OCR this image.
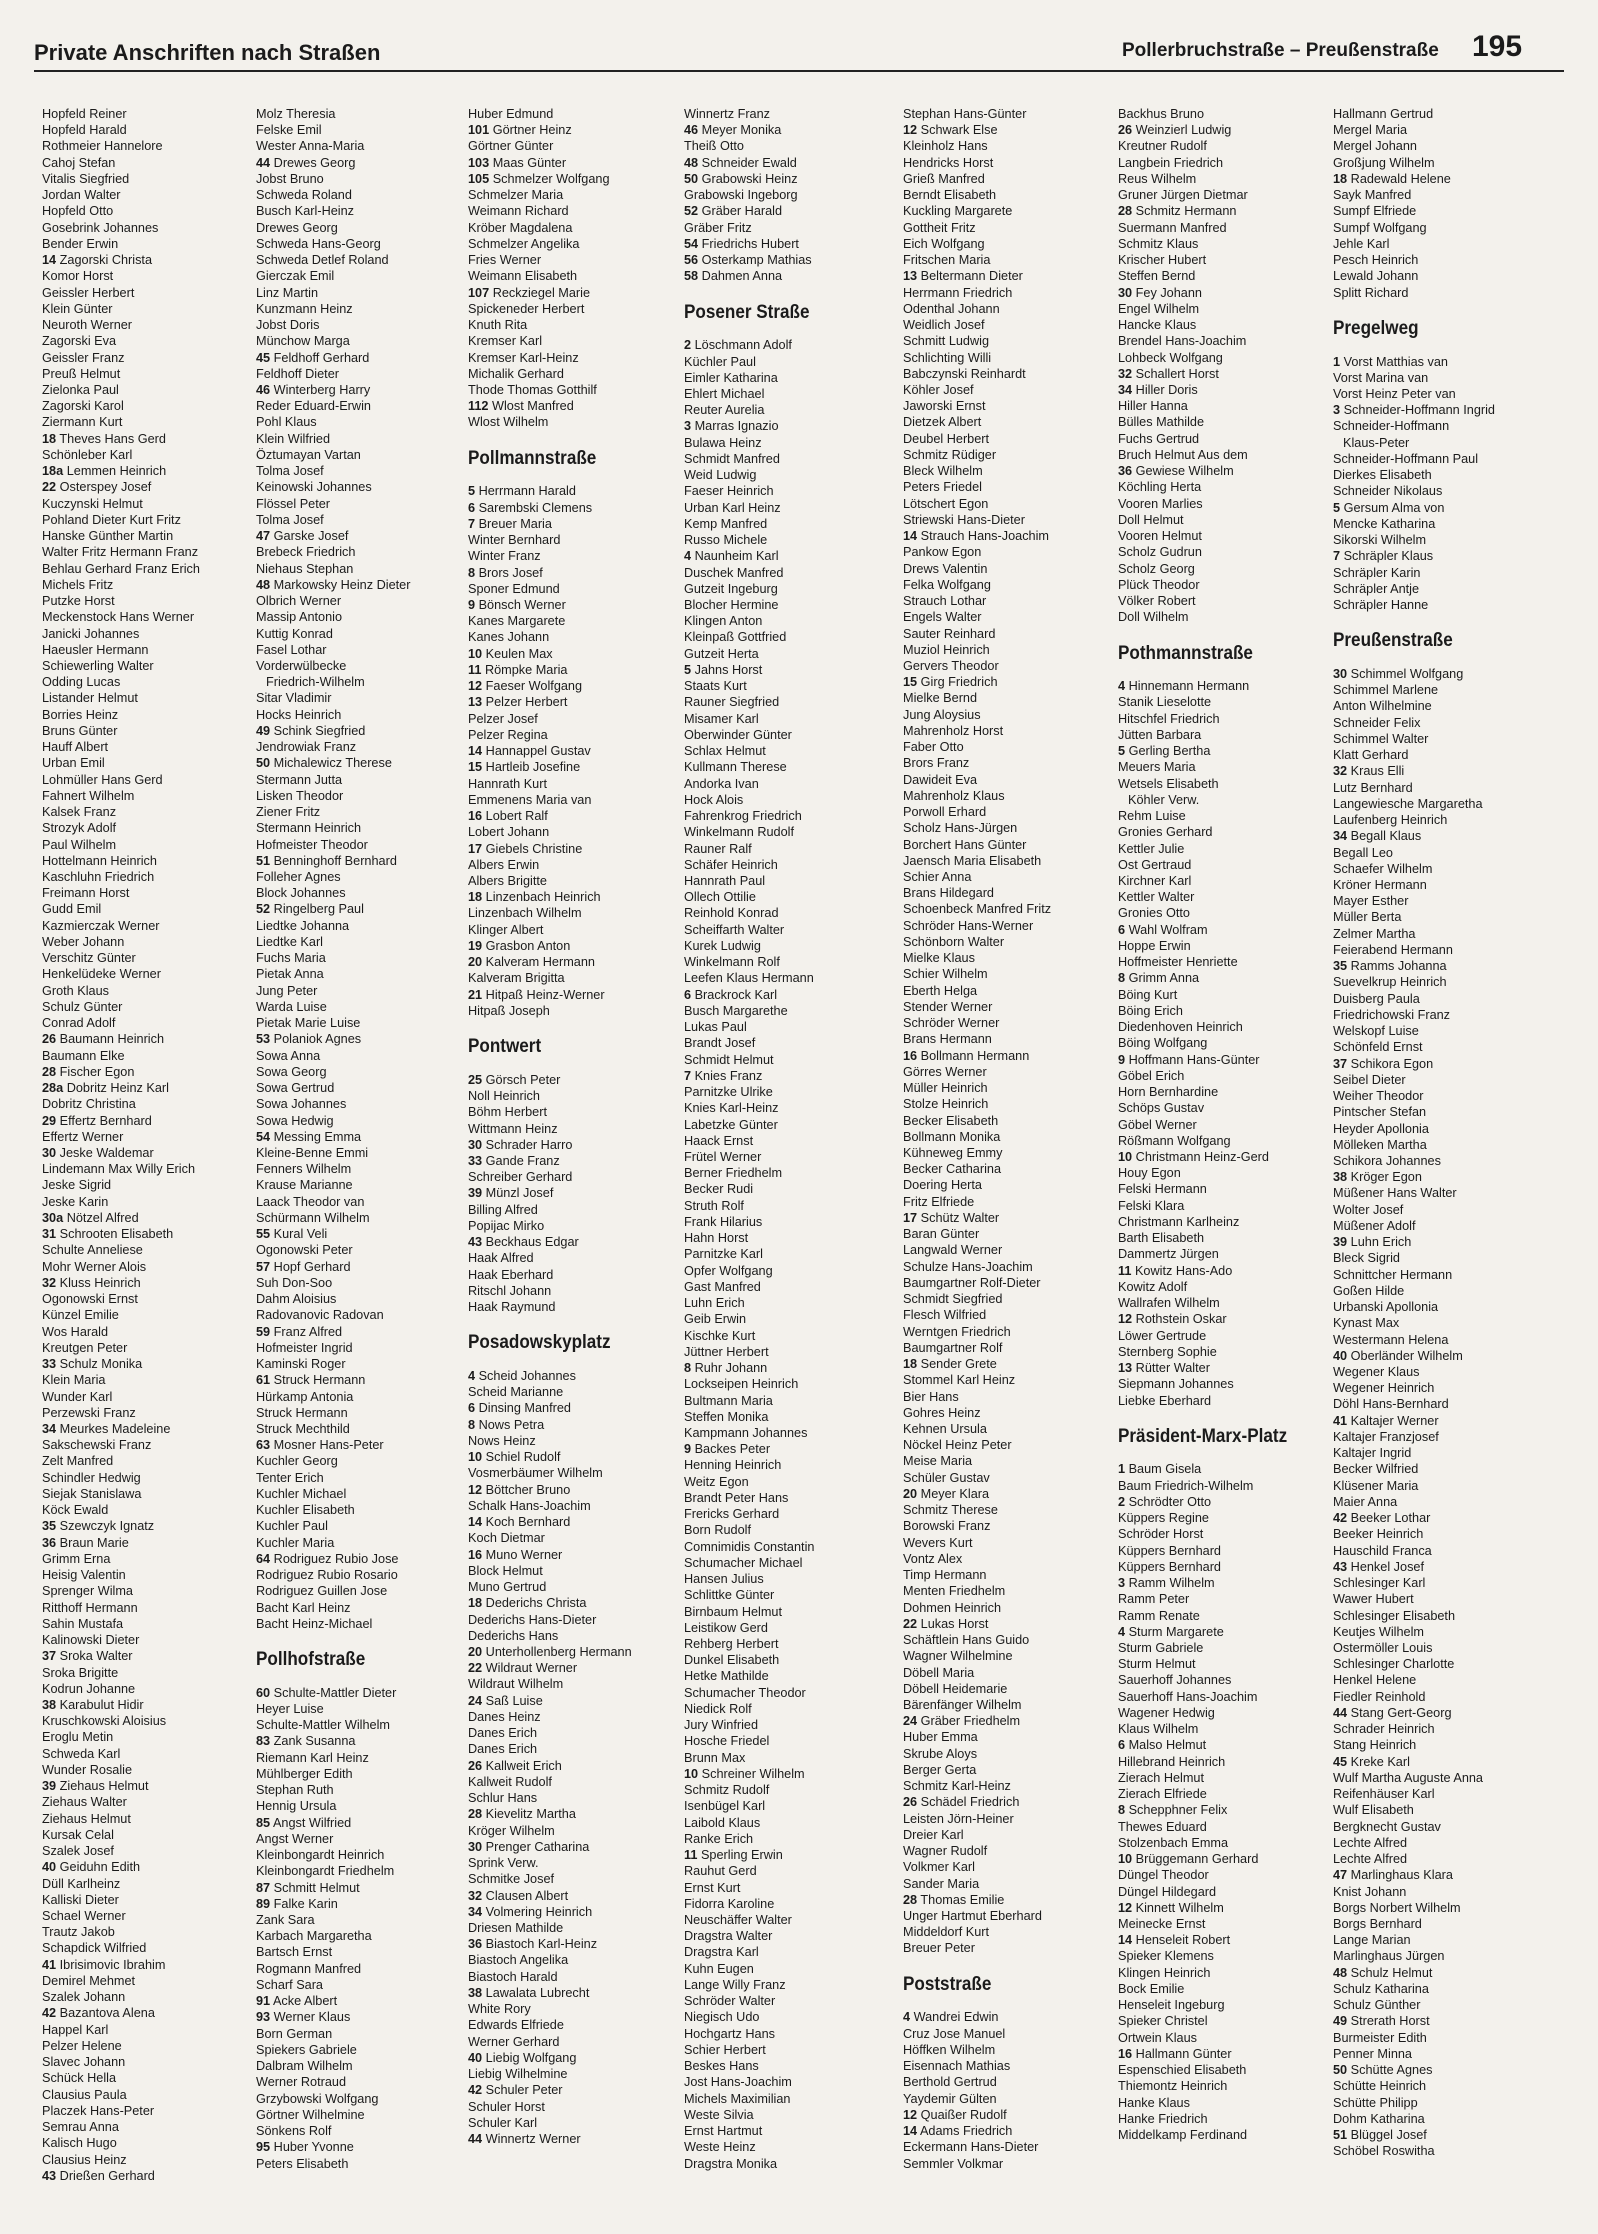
Private Anschriften nach Straßen	Pollerbruchstraße – Preußenstraße 195
Hopfeld Reiner
Hopfeld Harald
Rothmeier Hannelore
Cahoj Stefan
Vitalis Siegfried
Jordan Walter
Hopfeld Otto
Gosebrink Johannes
Bender Erwin
14 Zagorski Christa
Komor Horst
Geissler Herbert
Klein Günter
Neuroth Werner
Zagorski Eva
Geissler Franz
Preuß Helmut
Zielonka Paul
Zagorski Karol
Ziermann Kurt
18 Theves Hans Gerd
Schönleber Karl
18a Lemmen Heinrich
22 Osterspey Josef
Kuczynski Helmut
Pohland Dieter Kurt Fritz
Hanske Günther Martin
Walter Fritz Hermann Franz
Behlau Gerhard Franz Erich
Michels Fritz
Putzke Horst
Meckenstock Hans Werner
Janicki Johannes
Haeusler Hermann
Schiewerling Walter
Odding Lucas
Listander Helmut
Borries Heinz
Bruns Günter
Hauff Albert
Urban Emil
Lohmüller Hans Gerd
Fahnert Wilhelm
Kalsek Franz
Strozyk Adolf
Paul Wilhelm
Hottelmann Heinrich
Kaschluhn Friedrich
Freimann Horst
Gudd Emil
Kazmierczak Werner
Weber Johann
Verschitz Günter
Henkelüdeke Werner
Groth Klaus
Schulz Günter
Conrad Adolf
26 Baumann Heinrich
Baumann Elke
28 Fischer Egon
28a Dobritz Heinz Karl
Dobritz Christina
29 Effertz Bernhard
Effertz Werner
30 Jeske Waldemar
Lindemann Max Willy Erich
Jeske Sigrid
Jeske Karin
30a Nötzel Alfred
31 Schrooten Elisabeth
Schulte Anneliese
Mohr Werner Alois
32 Kluss Heinrich
Ogonowski Ernst
Künzel Emilie
Wos Harald
Kreutgen Peter
33 Schulz Monika
Klein Maria
Wunder Karl
Perzewski Franz
34 Meurkes Madeleine
Sakschewski Franz
Zelt Manfred
Schindler Hedwig
Siejak Stanislawa
Köck Ewald
35 Szewczyk Ignatz
36 Braun Marie
Grimm Erna
Heisig Valentin
Sprenger Wilma
Ritthoff Hermann
Sahin Mustafa
Kalinowski Dieter
37 Sroka Walter
Sroka Brigitte
Kodrun Johanne
38 Karabulut Hidir
Kruschkowski Aloisius
Eroglu Metin
Schweda Karl
Wunder Rosalie
39 Ziehaus Helmut
Ziehaus Walter
Ziehaus Helmut
Kursak Celal
Szalek Josef
40 Geiduhn Edith
Düll Karlheinz
Kalliski Dieter
Schael Werner
Trautz Jakob
Schapdick Wilfried
41 Ibrisimovic Ibrahim
Demirel Mehmet
Szalek Johann
42 Bazantova Alena
Happel Karl
Pelzer Helene
Slavec Johann
Schück Hella
Clausius Paula
Placzek Hans-Peter
Semrau Anna
Kalisch Hugo
Clausius Heinz
43 Drießen Gerhard
Molz Theresia
Felske Emil
Wester Anna-Maria
44 Drewes Georg
Jobst Bruno
Schweda Roland
Busch Karl-Heinz
Drewes Georg
Schweda Hans-Georg
Schweda Detlef Roland
Gierczak Emil
Linz Martin
Kunzmann Heinz
Jobst Doris
Münchow Marga
45 Feldhoff Gerhard
Feldhoff Dieter
46 Winterberg Harry
Reder Eduard-Erwin
Pohl Klaus
Klein Wilfried
Öztumayan Vartan
Tolma Josef
Keinowski Johannes
Flössel Peter
Tolma Josef
47 Garske Josef
Brebeck Friedrich
Niehaus Stephan
48 Markowsky Heinz Dieter
Olbrich Werner
Massip Antonio
Kuttig Konrad
Fasel Lothar
Vorderwülbecke
Friedrich-Wilhelm
Sitar Vladimir
Hocks Heinrich
49 Schink Siegfried
Jendrowiak Franz
50 Michalewicz Therese
Stermann Jutta
Lisken Theodor
Ziener Fritz
Stermann Heinrich
Hofmeister Theodor
51 Benninghoff Bernhard
Folleher Agnes
Block Johannes
52 Ringelberg Paul
Liedtke Johanna
Liedtke Karl
Fuchs Maria
Pietak Anna
Jung Peter
Warda Luise
Pietak Marie Luise
53 Polaniok Agnes
Sowa Anna
Sowa Georg
Sowa Gertrud
Sowa Johannes
Sowa Hedwig
54 Messing Emma
Kleine-Benne Emmi
Fenners Wilhelm
Krause Marianne
Laack Theodor van
Schürmann Wilhelm
55 Kural Veli
Ogonowski Peter
57 Hopf Gerhard
Suh Don-Soo
Dahm Aloisius
Radovanovic Radovan
59 Franz Alfred
Hofmeister Ingrid
Kaminski Roger
61 Struck Hermann
Hürkamp Antonia
Struck Hermann
Struck Mechthild
63 Mosner Hans-Peter
Kuchler Georg
Tenter Erich
Kuchler Michael
Kuchler Elisabeth
Kuchler Paul
Kuchler Maria
64 Rodriguez Rubio Jose
Rodriguez Rubio Rosario
Rodriguez Guillen Jose
Bacht Karl Heinz
Bacht Heinz-Michael
Pollhofstraße
60 Schulte-Mattler Dieter
Heyer Luise
Schulte-Mattler Wilhelm
83 Zank Susanna
Riemann Karl Heinz
Mühlberger Edith
Stephan Ruth
Hennig Ursula
85 Angst Wilfried
Angst Werner
Kleinbongardt Heinrich
Kleinbongardt Friedhelm
87 Schmitt Helmut
89 Falke Karin
Zank Sara
Karbach Margaretha
Bartsch Ernst
Rogmann Manfred
Scharf Sara
91 Acke Albert
93 Werner Klaus
Born German
Spiekers Gabriele
Dalbram Wilhelm
Werner Rotraud
Grzybowski Wolfgang
Görtner Wilhelmine
Sönkens Rolf
95 Huber Yvonne
Peters Elisabeth
Huber Edmund
101 Görtner Heinz
Görtner Günter
103 Maas Günter
105 Schmelzer Wolfgang
Schmelzer Maria
Weimann Richard
Kröber Magdalena
Schmelzer Angelika
Fries Werner
Weimann Elisabeth
107 Reckziegel Marie
Spickeneder Herbert
Knuth Rita
Kremser Karl
Kremser Karl-Heinz
Michalik Gerhard
Thode Thomas Gotthilf
112 Wlost Manfred
Wlost Wilhelm
Pollmannstraße
5 Herrmann Harald
6 Sarembski Clemens
7 Breuer Maria
Winter Bernhard
Winter Franz
8 Brors Josef
Sponer Edmund
9 Bönsch Werner
Kanes Margarete
Kanes Johann
10 Keulen Max
11 Römpke Maria
12 Faeser Wolfgang
13 Pelzer Herbert
Pelzer Josef
Pelzer Regina
14 Hannappel Gustav
15 Hartleib Josefine
Hannrath Kurt
Emmenens Maria van
16 Lobert Ralf
Lobert Johann
17 Giebels Christine
Albers Erwin
Albers Brigitte
18 Linzenbach Heinrich
Linzenbach Wilhelm
Klinger Albert
19 Grasbon Anton
20 Kalveram Hermann
Kalveram Brigitta
21 Hitpaß Heinz-Werner
Hitpaß Joseph
Pontwert
25 Görsch Peter
Noll Heinrich
Böhm Herbert
Wittmann Heinz
30 Schrader Harro
33 Gande Franz
Schreiber Gerhard
39 Münzl Josef
Billing Alfred
Popijac Mirko
43 Beckhaus Edgar
Haak Alfred
Haak Eberhard
Ritschl Johann
Haak Raymund
Posadowskyplatz
4 Scheid Johannes
Scheid Marianne
6 Dinsing Manfred
8 Nows Petra
Nows Heinz
10 Schiel Rudolf
Vosmerbäumer Wilhelm
12 Böttcher Bruno
Schalk Hans-Joachim
14 Koch Bernhard
Koch Dietmar
16 Muno Werner
Block Helmut
Muno Gertrud
18 Dederichs Christa
Dederichs Hans-Dieter
Dederichs Hans
20 Unterhollenberg Hermann
22 Wildraut Werner
Wildraut Wilhelm
24 Saß Luise
Danes Heinz
Danes Erich
Danes Erich
26 Kallweit Erich
Kallweit Rudolf
Schlur Hans
28 Kievelitz Martha
Kröger Wilhelm
30 Prenger Catharina
Sprink Verw.
Schmitke Josef
32 Clausen Albert
34 Volmering Heinrich
Driesen Mathilde
36 Biastoch Karl-Heinz
Biastoch Angelika
Biastoch Harald
38 Lawalata Lubrecht
White Rory
Edwards Elfriede
Werner Gerhard
40 Liebig Wolfgang
Liebig Wilhelmine
42 Schuler Peter
Schuler Horst
Schuler Karl
44 Winnertz Werner
Winnertz Franz
46 Meyer Monika
Theiß Otto
48 Schneider Ewald
50 Grabowski Heinz
Grabowski Ingeborg
52 Gräber Harald
Gräber Fritz
54 Friedrichs Hubert
56 Osterkamp Mathias
58 Dahmen Anna
Posener Straße
2 Löschmann Adolf
Küchler Paul
Eimler Katharina
Ehlert Michael
Reuter Aurelia
3 Marras Ignazio
Bulawa Heinz
Schmidt Manfred
Weid Ludwig
Faeser Heinrich
Urban Karl Heinz
Kemp Manfred
Russo Michele
4 Naunheim Karl
Duschek Manfred
Gutzeit Ingeburg
Blocher Hermine
Klingen Anton
Kleinpaß Gottfried
Gutzeit Herta
5 Jahns Horst
Staats Kurt
Rauner Siegfried
Misamer Karl
Oberwinder Günter
Schlax Helmut
Kullmann Therese
Andorka Ivan
Hock Alois
Fahrenkrog Friedrich
Winkelmann Rudolf
Rauner Ralf
Schäfer Heinrich
Hannrath Paul
Ollech Ottilie
Reinhold Konrad
Scheiffarth Walter
Kurek Ludwig
Winkelmann Rolf
Leefen Klaus Hermann
6 Brackrock Karl
Busch Margarethe
Lukas Paul
Brandt Josef
Schmidt Helmut
7 Knies Franz
Parnitzke Ulrike
Knies Karl-Heinz
Labetzke Günter
Haack Ernst
Frütel Werner
Berner Friedhelm
Becker Rudi
Struth Rolf
Frank Hilarius
Hahn Horst
Parnitzke Karl
Opfer Wolfgang
Gast Manfred
Luhn Erich
Geib Erwin
Kischke Kurt
Jüttner Herbert
8 Ruhr Johann
Lockseipen Heinrich
Bultmann Maria
Steffen Monika
Kampmann Johannes
9 Backes Peter
Henning Heinrich
Weitz Egon
Brandt Peter Hans
Frericks Gerhard
Born Rudolf
Comnimidis Constantin
Schumacher Michael
Hansen Julius
Schlittke Günter
Birnbaum Helmut
Leistikow Gerd
Rehberg Herbert
Dunkel Elisabeth
Hetke Mathilde
Schumacher Theodor
Niedick Rolf
Jury Winfried
Hosche Friedel
Brunn Max
10 Schreiner Wilhelm
Schmitz Rudolf
Isenbügel Karl
Laibold Klaus
Ranke Erich
11 Sperling Erwin
Rauhut Gerd
Ernst Kurt
Fidorra Karoline
Neuschäffer Walter
Dragstra Walter
Dragstra Karl
Kuhn Eugen
Lange Willy Franz
Schröder Walter
Niegisch Udo
Hochgartz Hans
Schier Herbert
Beskes Hans
Jost Hans-Joachim
Michels Maximilian
Weste Silvia
Ernst Hartmut
Weste Heinz
Dragstra Monika
Stephan Hans-Günter
12 Schwark Else
Kleinholz Hans
Hendricks Horst
Grieß Manfred
Berndt Elisabeth
Kuckling Margarete
Gottheit Fritz
Eich Wolfgang
Fritschen Maria
13 Beltermann Dieter
Herrmann Friedrich
Odenthal Johann
Weidlich Josef
Schmitt Ludwig
Schlichting Willi
Babczynski Reinhardt
Köhler Josef
Jaworski Ernst
Dietzek Albert
Deubel Herbert
Schmitz Rüdiger
Bleck Wilhelm
Peters Friedel
Lötschert Egon
Striewski Hans-Dieter
14 Strauch Hans-Joachim
Pankow Egon
Drews Valentin
Felka Wolfgang
Strauch Lothar
Engels Walter
Sauter Reinhard
Muziol Heinrich
Gervers Theodor
15 Girg Friedrich
Mielke Bernd
Jung Aloysius
Mahrenholz Horst
Faber Otto
Brors Franz
Dawideit Eva
Mahrenholz Klaus
Porwoll Erhard
Scholz Hans-Jürgen
Borchert Hans Günter
Jaensch Maria Elisabeth
Schier Anna
Brans Hildegard
Schoenbeck Manfred Fritz
Schröder Hans-Werner
Schönborn Walter
Mielke Klaus
Schier Wilhelm
Eberth Helga
Stender Werner
Schröder Werner
Brans Hermann
16 Bollmann Hermann
Görres Werner
Müller Heinrich
Stolze Heinrich
Becker Elisabeth
Bollmann Monika
Kühneweg Emmy
Becker Catharina
Doering Herta
Fritz Elfriede
17 Schütz Walter
Baran Günter
Langwald Werner
Schulze Hans-Joachim
Baumgartner Rolf-Dieter
Schmidt Siegfried
Flesch Wilfried
Werntgen Friedrich
Baumgartner Rolf
18 Sender Grete
Stommel Karl Heinz
Bier Hans
Gohres Heinz
Kehnen Ursula
Nöckel Heinz Peter
Meise Maria
Schüler Gustav
20 Meyer Klara
Schmitz Therese
Borowski Franz
Wevers Kurt
Vontz Alex
Timp Hermann
Menten Friedhelm
Dohmen Heinrich
22 Lukas Horst
Schäftlein Hans Guido
Wagner Wilhelmine
Döbell Maria
Döbell Heidemarie
Bärenfänger Wilhelm
24 Gräber Friedhelm
Huber Emma
Skrube Aloys
Berger Gerta
Schmitz Karl-Heinz
26 Schädel Friedrich
Leisten Jörn-Heiner
Dreier Karl
Wagner Rudolf
Volkmer Karl
Sander Maria
28 Thomas Emilie
Unger Hartmut Eberhard
Middeldorf Kurt
Breuer Peter
Poststraße
4 Wandrei Edwin
Cruz Jose Manuel
Höffken Wilhelm
Eisennach Mathias
Berthold Gertrud
Yaydemir Gülten
12 Quaißer Rudolf
14 Adams Friedrich
Eckermann Hans-Dieter
Semmler Volkmar
Backhus Bruno
26 Weinzierl Ludwig
Kreutner Rudolf
Langbein Friedrich
Reus Wilhelm
Gruner Jürgen Dietmar
28 Schmitz Hermann
Suermann Manfred
Schmitz Klaus
Krischer Hubert
Steffen Bernd
30 Fey Johann
Engel Wilhelm
Hancke Klaus
Brendel Hans-Joachim
Lohbeck Wolfgang
32 Schallert Horst
34 Hiller Doris
Hiller Hanna
Bülles Mathilde
Fuchs Gertrud
Bruch Helmut Aus dem
36 Gewiese Wilhelm
Köchling Herta
Vooren Marlies
Doll Helmut
Vooren Helmut
Scholz Gudrun
Scholz Georg
Plück Theodor
Völker Robert
Doll Wilhelm
Pothmannstraße
4 Hinnemann Hermann
Stanik Lieselotte
Hitschfel Friedrich
Jütten Barbara
5 Gerling Bertha
Meuers Maria
Wetsels Elisabeth
Köhler Verw.
Rehm Luise
Gronies Gerhard
Kettler Julie
Ost Gertraud
Kirchner Karl
Kettler Walter
Gronies Otto
6 Wahl Wolfram
Hoppe Erwin
Hoffmeister Henriette
8 Grimm Anna
Böing Kurt
Böing Erich
Diedenhoven Heinrich
Böing Wolfgang
9 Hoffmann Hans-Günter
Göbel Erich
Horn Bernhardine
Schöps Gustav
Göbel Werner
Rößmann Wolfgang
10 Christmann Heinz-Gerd
Houy Egon
Felski Hermann
Felski Klara
Christmann Karlheinz
Barth Elisabeth
Dammertz Jürgen
11 Kowitz Hans-Ado
Kowitz Adolf
Wallrafen Wilhelm
12 Rothstein Oskar
Löwer Gertrude
Sternberg Sophie
13 Rütter Walter
Siepmann Johannes
Liebke Eberhard
Präsident-Marx-Platz
1 Baum Gisela
Baum Friedrich-Wilhelm
2 Schrödter Otto
Küppers Regine
Schröder Horst
Küppers Bernhard
Küppers Bernhard
3 Ramm Wilhelm
Ramm Peter
Ramm Renate
4 Sturm Margarete
Sturm Gabriele
Sturm Helmut
Sauerhoff Johannes
Sauerhoff Hans-Joachim
Wagener Hedwig
Klaus Wilhelm
6 Malso Helmut
Hillebrand Heinrich
Zierach Helmut
Zierach Elfriede
8 Schepphner Felix
Thewes Eduard
Stolzenbach Emma
10 Brüggemann Gerhard
Düngel Theodor
Düngel Hildegard
12 Kinnett Wilhelm
Meinecke Ernst
14 Henseleit Robert
Spieker Klemens
Klingen Heinrich
Bock Emilie
Henseleit Ingeburg
Spieker Christel
Ortwein Klaus
16 Hallmann Günter
Espenschied Elisabeth
Thiemontz Heinrich
Hanke Klaus
Hanke Friedrich
Middelkamp Ferdinand
Hallmann Gertrud
Mergel Maria
Mergel Johann
Großjung Wilhelm
18 Radewald Helene
Sayk Manfred
Sumpf Elfriede
Sumpf Wolfgang
Jehle Karl
Pesch Heinrich
Lewald Johann
Splitt Richard
Pregelweg
1 Vorst Matthias van
Vorst Marina van
Vorst Heinz Peter van
3 Schneider-Hoffmann Ingrid
Schneider-Hoffmann
Klaus-Peter
Schneider-Hoffmann Paul
Dierkes Elisabeth
Schneider Nikolaus
5 Gersum Alma von
Mencke Katharina
Sikorski Wilhelm
7 Schräpler Klaus
Schräpler Karin
Schräpler Antje
Schräpler Hanne
Preußenstraße
30 Schimmel Wolfgang
Schimmel Marlene
Anton Wilhelmine
Schneider Felix
Schimmel Walter
Klatt Gerhard
32 Kraus Elli
Lutz Bernhard
Langewiesche Margaretha
Laufenberg Heinrich
34 Begall Klaus
Begall Leo
Schaefer Wilhelm
Kröner Hermann
Mayer Esther
Müller Berta
Zelmer Martha
Feierabend Hermann
35 Ramms Johanna
Suevelkrup Heinrich
Duisberg Paula
Friedrichowski Franz
Welskopf Luise
Schönfeld Ernst
37 Schikora Egon
Seibel Dieter
Weiher Theodor
Pintscher Stefan
Heyder Apollonia
Mölleken Martha
Schikora Johannes
38 Kröger Egon
Müßener Hans Walter
Wolter Josef
Müßener Adolf
39 Luhn Erich
Bleck Sigrid
Schnittcher Hermann
Goßen Hilde
Urbanski Apollonia
Kynast Max
Westermann Helena
40 Oberländer Wilhelm
Wegener Klaus
Wegener Heinrich
Döhl Hans-Bernhard
41 Kaltajer Werner
Kaltajer Franzjosef
Kaltajer Ingrid
Becker Wilfried
Klüsener Maria
Maier Anna
42 Beeker Lothar
Beeker Heinrich
Hauschild Franca
43 Henkel Josef
Schlesinger Karl
Wawer Hubert
Schlesinger Elisabeth
Keutjes Wilhelm
Ostermöller Louis
Schlesinger Charlotte
Henkel Helene
Fiedler Reinhold
44 Stang Gert-Georg
Schrader Heinrich
Stang Heinrich
45 Kreke Karl
Wulf Martha Auguste Anna
Reifenhäuser Karl
Wulf Elisabeth
Bergknecht Gustav
Lechte Alfred
Lechte Alfred
47 Marlinghaus Klara
Knist Johann
Borgs Norbert Wilhelm
Borgs Bernhard
Lange Marian
Marlinghaus Jürgen
48 Schulz Helmut
Schulz Katharina
Schulz Günther
49 Strerath Horst
Burmeister Edith
Penner Minna
50 Schütte Agnes
Schütte Heinrich
Schütte Philipp
Dohm Katharina
51 Blüggel Josef
Schöbel Roswitha
